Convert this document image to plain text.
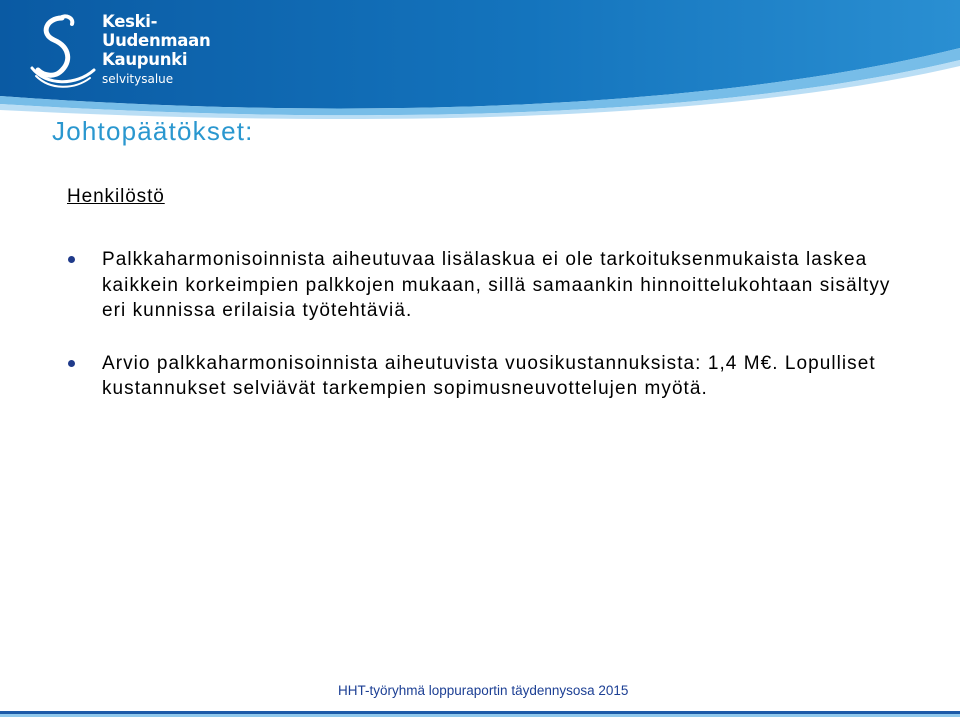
Keski-
Uudenmaan
Kaupunki
selvitysalue
Johtopäätökset:
Henkilöstö
Palkkaharmonisoinnista aiheutuvaa lisälaskua ei ole tarkoituksenmukaista laskea kaikkein korkeimpien palkkojen mukaan, sillä samaankin hinnoittelukohtaan sisältyy eri kunnissa erilaisia työtehtäviä.
Arvio palkkaharmonisoinnista aiheutuvista vuosikustannuksista: 1,4 M€. Lopulliset kustannukset selviävät tarkempien sopimusneuvottelujen myötä.
HHT-työryhmä loppuraportin täydennysosa 2015
